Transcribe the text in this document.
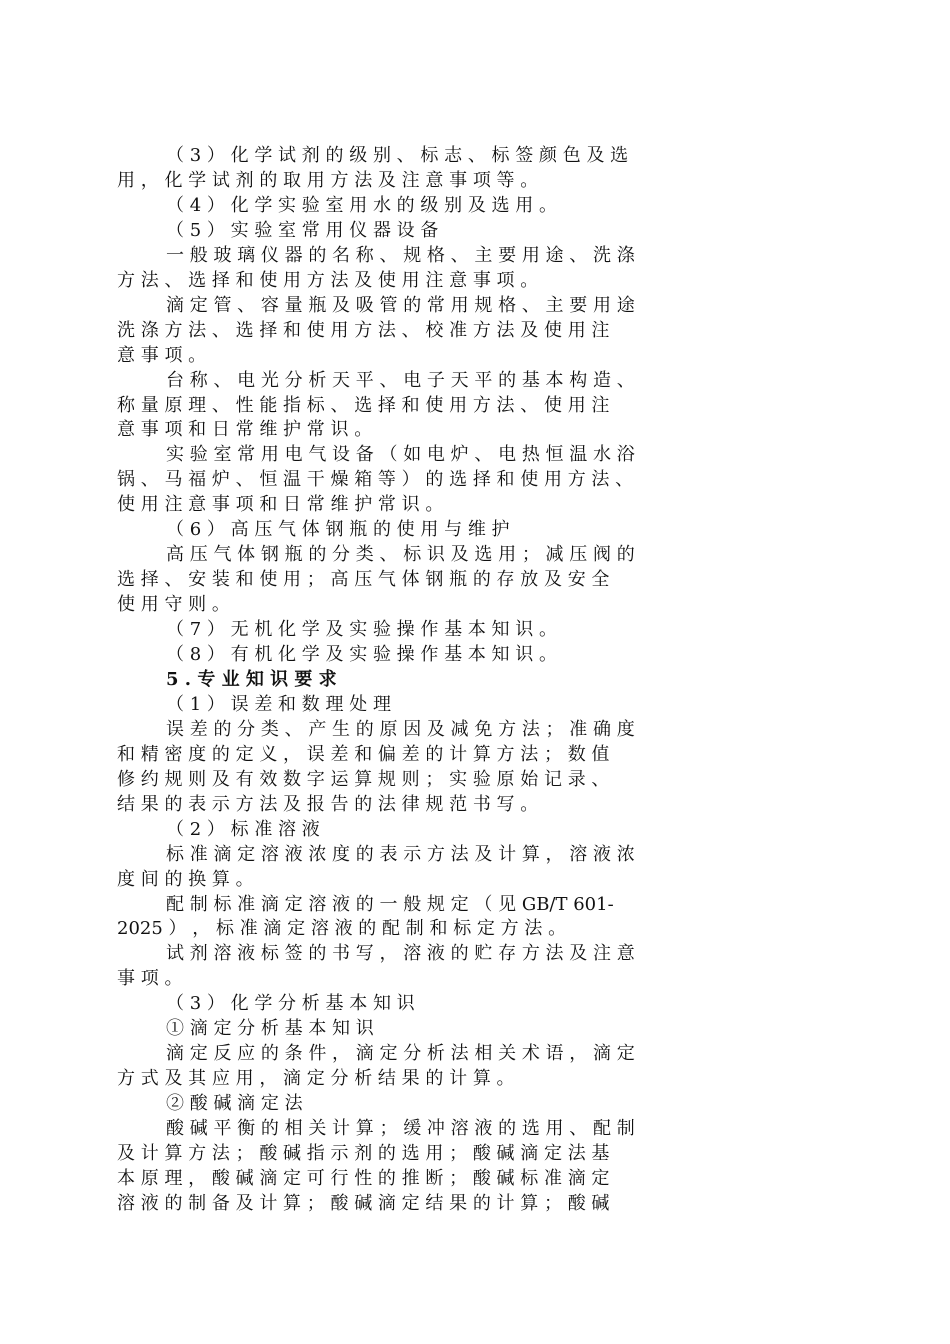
（ 3 ） 化 学 试 剂 的 级 别 、 标 志 、 标 签 颜 色 及 选

用 ， 化 学 试 剂 的 取 用 方 法 及 注 意 事 项 等 。

（ 4 ） 化 学 实 验 室 用 水 的 级 别 及 选 用 。

（ 5 ） 实 验 室 常 用 仪 器 设 备

一 般 玻 璃 仪 器 的 名 称 、 规 格 、 主 要 用 途 、 洗 涤

方 法 、 选 择 和 使 用 方 法 及 使 用 注 意 事 项 。

滴 定 管 、 容 量 瓶 及 吸 管 的 常 用 规 格 、 主 要 用 途

洗 涤 方 法 、 选 择 和 使 用 方 法 、 校 准 方 法 及 使 用 注

意 事 项 。

台 称 、 电 光 分 析 天 平 、 电 子 天 平 的 基 本 构 造 、

称 量 原 理 、 性 能 指 标 、 选 择 和 使 用 方 法 、 使 用 注

意 事 项 和 日 常 维 护 常 识 。

实 验 室 常 用 电 气 设 备 （ 如 电 炉 、 电 热 恒 温 水 浴

锅 、 马 福 炉 、 恒 温 干 燥 箱 等 ） 的 选 择 和 使 用 方 法 、

使 用 注 意 事 项 和 日 常 维 护 常 识 。

（ 6 ） 高 压 气 体 钢 瓶 的 使 用 与 维 护

高 压 气 体 钢 瓶 的 分 类 、 标 识 及 选 用 ； 减 压 阀 的

选 择 、 安 装 和 使 用 ； 高 压 气 体 钢 瓶 的 存 放 及 安 全

使 用 守 则 。

（ 7 ） 无 机 化 学 及 实 验 操 作 基 本 知 识 。

（ 8 ） 有 机 化 学 及 实 验 操 作 基 本 知 识 。

5 . 专 业 知 识 要 求

（ 1 ） 误 差 和 数 理 处 理

误 差 的 分 类 、 产 生 的 原 因 及 减 免 方 法 ； 准 确 度

和 精 密 度 的 定 义 ， 误 差 和 偏 差 的 计 算 方 法 ； 数 值

修 约 规 则 及 有 效 数 字 运 算 规 则 ； 实 验 原 始 记 录 、

结 果 的 表 示 方 法 及 报 告 的 法 律 规 范 书 写 。

（ 2 ） 标 准 溶 液

标 准 滴 定 溶 液 浓 度 的 表 示 方 法 及 计 算 ， 溶 液 浓

度 间 的 换 算 。

配 制 标 准 滴 定 溶 液 的 一 般 规 定 （ 见 GB/T 601-

2025 ） ， 标 准 滴 定 溶 液 的 配 制 和 标 定 方 法 。

试 剂 溶 液 标 签 的 书 写 ， 溶 液 的 贮 存 方 法 及 注 意

事 项 。

（ 3 ） 化 学 分 析 基 本 知 识

① 滴 定 分 析 基 本 知 识

滴 定 反 应 的 条 件 ， 滴 定 分 析 法 相 关 术 语 ， 滴 定

方 式 及 其 应 用 ， 滴 定 分 析 结 果 的 计 算 。

② 酸 碱 滴 定 法

酸 碱 平 衡 的 相 关 计 算 ； 缓 冲 溶 液 的 选 用 、 配 制

及 计 算 方 法 ； 酸 碱 指 示 剂 的 选 用 ； 酸 碱 滴 定 法 基

本 原 理 ， 酸 碱 滴 定 可 行 性 的 推 断 ； 酸 碱 标 准 滴 定

溶 液 的 制 备 及 计 算 ； 酸 碱 滴 定 结 果 的 计 算 ； 酸 碱
